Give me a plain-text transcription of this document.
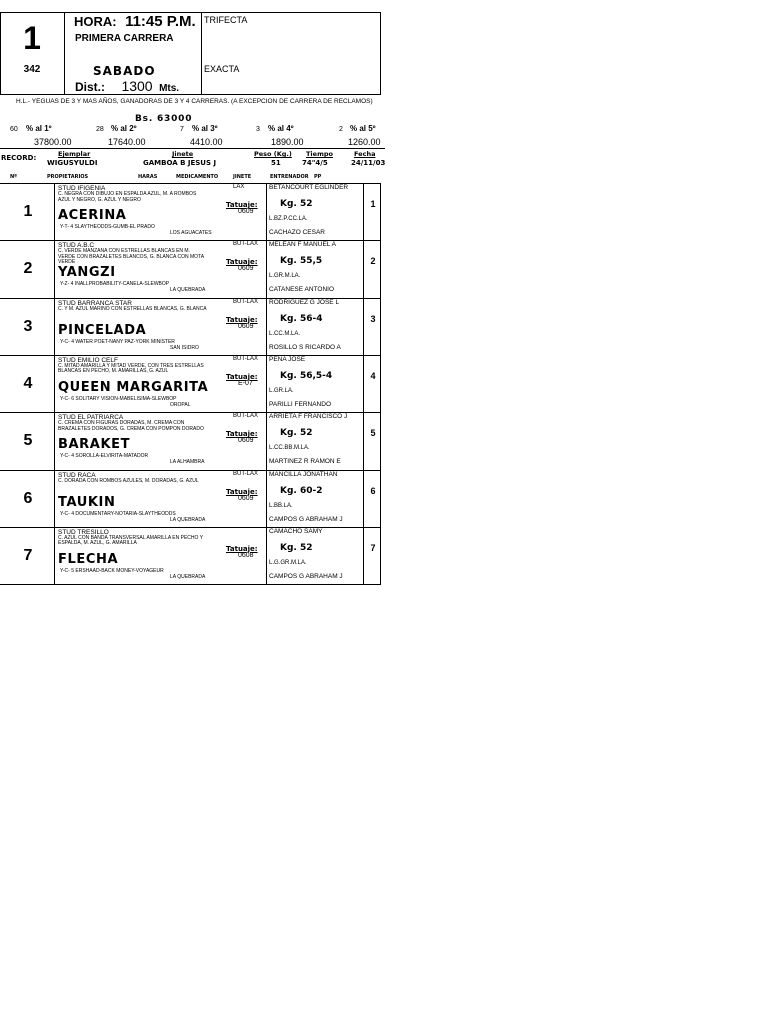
1
342
HORA: 11:45 P.M.
PRIMERA CARRERA
SABADO
Dist.: 1300 Mts.
TRIFECTA
EXACTA
H.L.- YEGUAS DE 3 Y MAS AÑOS, GANADORAS DE 3 Y 4 CARRERAS. (A EXCEPCION DE CARRERA DE RECLAMOS)
Bs. 63000
60 % al 1º
37800.00
28 % al 2º
17640.00
7 % al 3º
4410.00
3 % al 4º
1890.00
2 % al 5º
1260.00
RECORD:	Ejemplar
WIGUSYULDI
Jinete
GAMBOA B JESUS J
Peso (Kg.)
51
Tiempo
74"4/5
Fecha
24/11/03
Nº	PROPIETARIOS	HARAS	MEDICAMENTO	JINETE	ENTRENADOR PP
1
STUD IFIGENIA
C. NEGRA CON DIBUJO EN ESPALDA AZUL, M. A ROMBOS AZUL Y NEGRO, G. AZUL Y NEGRO
ACERINA
Y-T- 4 SLAYTHEODDS-GUMB-EL PRADO
LOS AGUACATES
LAX
Tatuaje:
0609
BETANCOURT EGLINDER
Kg. 52
L.BZ.P.CC.LA.
CACHAZO CESAR
1
2
STUD A.B.C
C. VERDE MANZANA CON ESTRELLAS BLANCAS EN M. VERDE CON BRAZALETES BLANCOS, G. BLANCA CON MOTA VERDE
YANGZI
Y-Z- 4 INALLPROBABILITY-CANELA-SLEWBOP
LA QUEBRADA
BUT-LAX
Tatuaje:
0609
MELEAN F MANUEL A
Kg. 55,5
L.GR.M.LA.
CATANESE ANTONIO
2
3
STUD BARRANCA STAR
C. Y M. AZUL MARINO CON ESTRELLAS BLANCAS, G. BLANCA
PINCELADA
Y-C- 4 WATER POET-NANY PAZ-YORK MINISTER
SAN ISIDRO
BUT-LAX
Tatuaje:
0609
RODRIGUEZ G JOSE L
Kg. 56-4
L.CC.M.LA.
ROSILLO S RICARDO A
3
4
STUD EMILIO CELF
C. MITAD AMARILLA Y MITAD VERDE, CON TRES ESTRELLAS BLANCAS EN PECHO, M. AMARILLAS, G. AZUL
QUEEN MARGARITA
Y-C- 6 SOLITARY VISION-MABELISIMA-SLEWBOP
OROPAL
BUT-LAX
Tatuaje:
E-07
PEÑA JOSE
Kg. 56,5-4
L.GR.LA.
PARILLI FERNANDO
4
5
STUD EL PATRIARCA
C. CREMA CON FIGURAS DORADAS, M. CREMA CON BRAZALETES DORADOS, G. CREMA CON POMPON DORADO
BARAKET
Y-C- 4 SOROLLA-ELVIRITA-MATADOR
LA ALHAMBRA
BUT-LAX
Tatuaje:
0609
ARRIETA F FRANCISCO J
Kg. 52
L.CC.BB.M.LA.
MARTINEZ R RAMON E
5
6
STUD RACA
C. DORADA CON ROMBOS AZULES, M. DORADAS, G. AZUL
TAUKIN
Y-C- 4 DOCUMENTARY-NOTARIA-SLAYTHEODDS
LA QUEBRADA
BUT-LAX
Tatuaje:
0609
MANCILLA JONATHAN
Kg. 60-2
L.BB.LA.
CAMPOS G ABRAHAM J
6
7
STUD TRESILLO
C. AZUL CON BANDA TRANSVERSAL AMARILLA EN PECHO Y ESPALDA, M. AZUL, G. AMARILLA
FLECHA
Y-C- 5 ERSHAAD-BACK MONEY-VOYAGEUR
LA QUEBRADA
Tatuaje:
0608
CAMACHO SAMY
Kg. 52
L.G.GR.M.LA.
CAMPOS G ABRAHAM J
7
